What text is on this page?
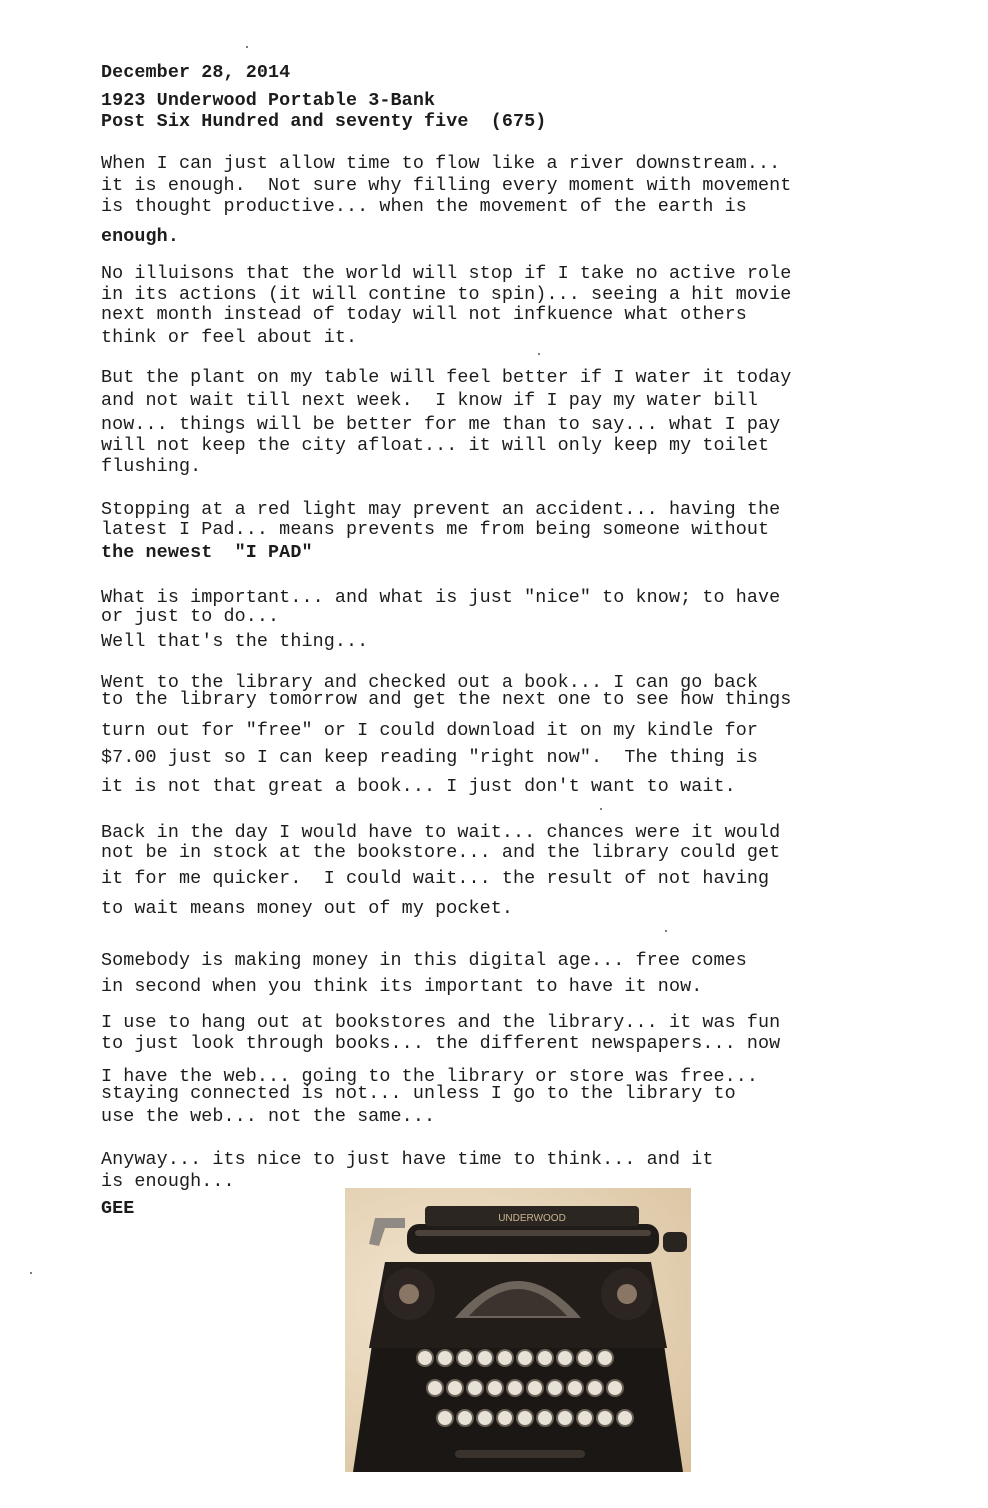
December 28, 2014
1923 Underwood Portable 3-Bank
Post Six Hundred and seventy five  (675)
When I can just allow time to flow like a river downstream...
it is enough.  Not sure why filling every moment with movement
is thought productive... when the movement of the earth is
enough.
No illuisons that the world will stop if I take no active role
in its actions (it will contine to spin)... seeing a hit movie
next month instead of today will not infkuence what others
think or feel about it.
But the plant on my table will feel better if I water it today
and not wait till next week.  I know if I pay my water bill
now... things will be better for me than to say... what I pay
will not keep the city afloat... it will only keep my toilet
flushing.
Stopping at a red light may prevent an accident... having the
latest I Pad... means prevents me from being someone without
the newest  "I PAD"
What is important... and what is just "nice" to know; to have
or just to do...
Well that's the thing...
Went to the library and checked out a book... I can go back
to the library tomorrow and get the next one to see how things
turn out for "free" or I could download it on my kindle for
$7.00 just so I can keep reading "right now".  The thing is
it is not that great a book... I just don't want to wait.
Back in the day I would have to wait... chances were it would
not be in stock at the bookstore... and the library could get
it for me quicker.  I could wait... the result of not having
to wait means money out of my pocket.
Somebody is making money in this digital age... free comes
in second when you think its important to have it now.
I use to hang out at bookstores and the library... it was fun
to just look through books... the different newspapers... now
I have the web... going to the library or store was free...
staying connected is not... unless I go to the library to
use the web... not the same...
Anyway... its nice to just have time to think... and it
is enough...
GEE	UNDERWOOD
